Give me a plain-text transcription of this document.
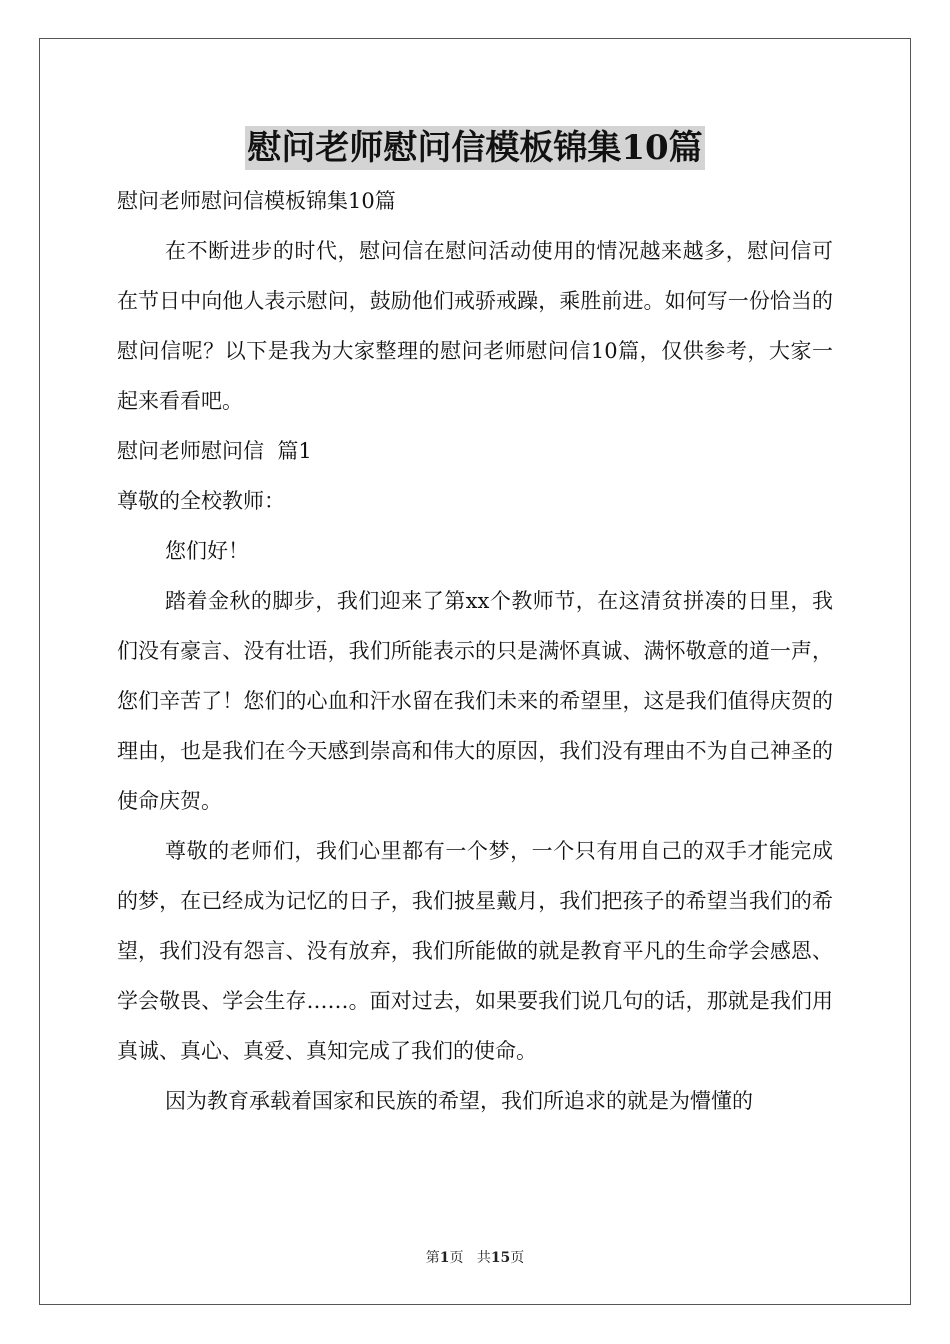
慰问老师慰问信模板锦集10篇

慰问老师慰问信模板锦集10篇

在不断进步的时代，慰问信在慰问活动使用的情况越来越多，慰问信可在节日中向他人表示慰问，鼓励他们戒骄戒躁，乘胜前进。如何写一份恰当的慰问信呢？以下是我为大家整理的慰问老师慰问信10篇，仅供参考，大家一起来看看吧。

慰问老师慰问信  篇1

尊敬的全校教师：

您们好！

踏着金秋的脚步，我们迎来了第xx个教师节，在这清贫拼凑的日里，我们没有豪言、没有壮语，我们所能表示的只是满怀真诚、满怀敬意的道一声，您们辛苦了！您们的心血和汗水留在我们未来的希望里，这是我们值得庆贺的理由，也是我们在今天感到崇高和伟大的原因，我们没有理由不为自己神圣的使命庆贺。

尊敬的老师们，我们心里都有一个梦，一个只有用自己的双手才能完成的梦，在已经成为记忆的日子，我们披星戴月，我们把孩子的希望当我们的希望，我们没有怨言、没有放弃，我们所能做的就是教育平凡的生命学会感恩、学会敬畏、学会生存……。面对过去，如果要我们说几句的话，那就是我们用真诚、真心、真爱、真知完成了我们的使命。

因为教育承载着国家和民族的希望，我们所追求的就是为懵懂的

第1页 共15页
